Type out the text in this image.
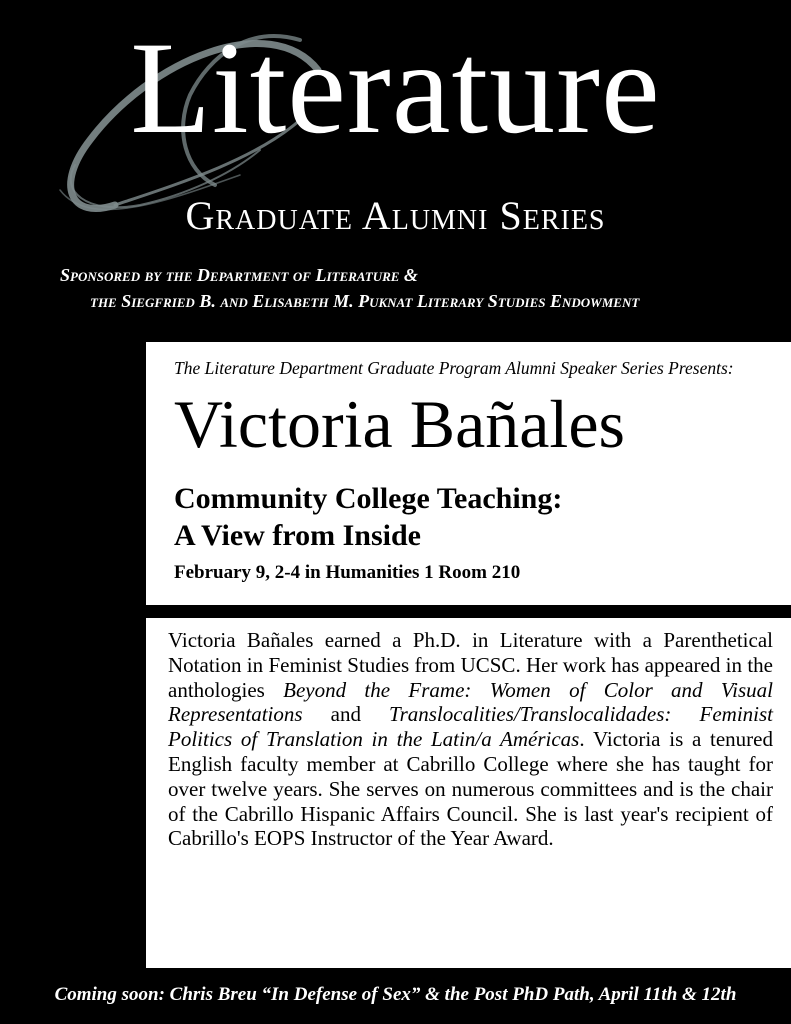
Literature
Graduate Alumni Series
Sponsored by the Department of Literature &
the Siegfried B. and Elisabeth M. Puknat Literary Studies Endowment
The Literature Department Graduate Program Alumni Speaker Series Presents:
Victoria Bañales
Community College Teaching:
A View from Inside
February 9, 2-4 in Humanities 1 Room 210
Victoria Bañales earned a Ph.D. in Literature with a Parenthetical Notation in Feminist Studies from UCSC. Her work has appeared in the anthologies Beyond the Frame: Women of Color and Visual Representations and Translocalities/Translocalidades: Feminist Politics of Translation in the Latin/a Américas. Victoria is a tenured English faculty member at Cabrillo College where she has taught for over twelve years. She serves on numerous committees and is the chair of the Cabrillo Hispanic Affairs Council. She is last year's recipient of Cabrillo's EOPS Instructor of the Year Award.
Coming soon: Chris Breu “In Defense of Sex” & the Post PhD Path, April 11th & 12th
